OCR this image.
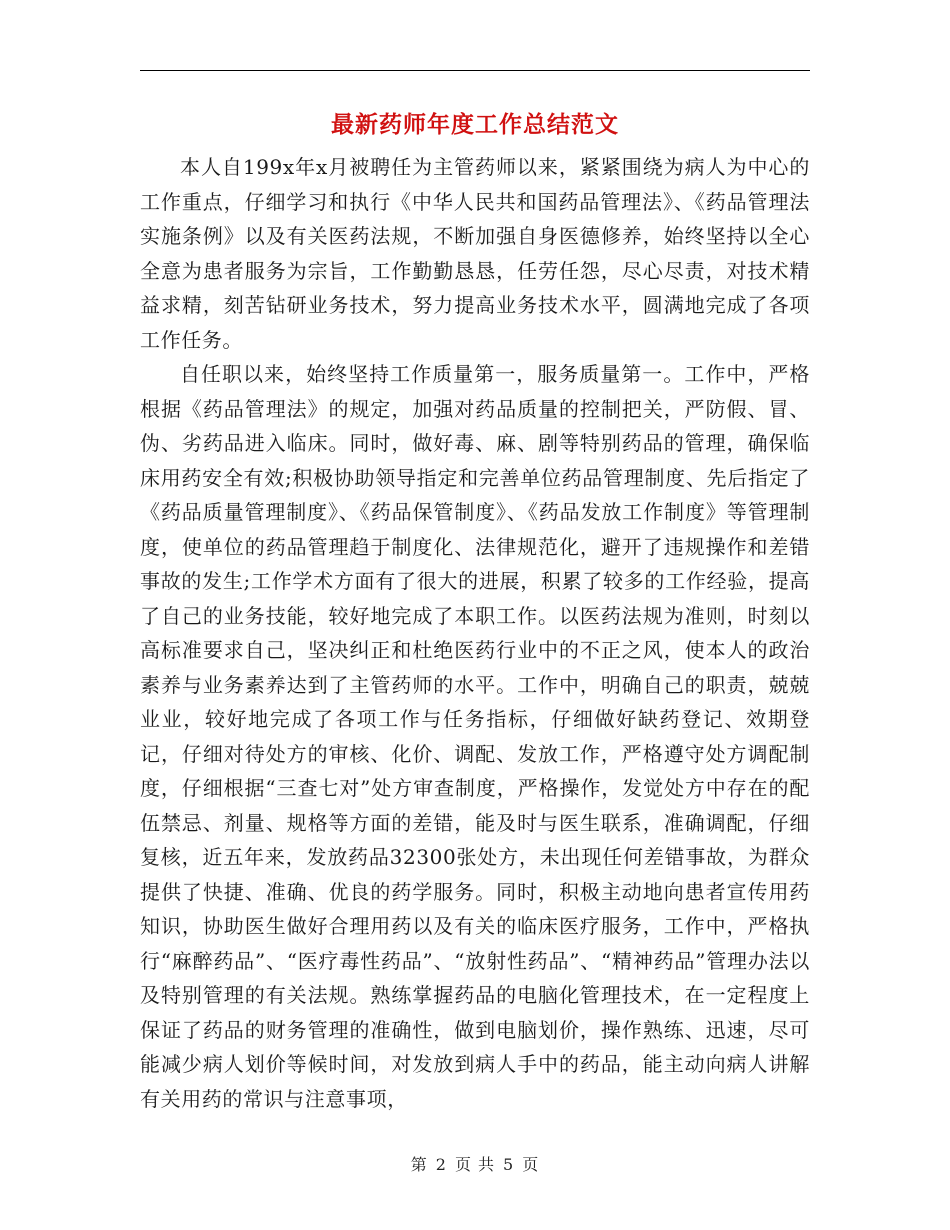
最新药师年度工作总结范文

本人自199x年x月被聘任为主管药师以来，紧紧围绕为病人为中心的工作重点，仔细学习和执行《中华人民共和国药品管理法》、《药品管理法实施条例》以及有关医药法规，不断加强自身医德修养，始终坚持以全心全意为患者服务为宗旨，工作勤勤恳恳，任劳任怨，尽心尽责，对技术精益求精，刻苦钻研业务技术，努力提高业务技术水平，圆满地完成了各项工作任务。

自任职以来，始终坚持工作质量第一，服务质量第一。工作中，严格根据《药品管理法》的规定，加强对药品质量的控制把关，严防假、冒、伪、劣药品进入临床。同时，做好毒、麻、剧等特别药品的管理，确保临床用药安全有效;积极协助领导指定和完善单位药品管理制度、先后指定了《药品质量管理制度》、《药品保管制度》、《药品发放工作制度》等管理制度，使单位的药品管理趋于制度化、法律规范化，避开了违规操作和差错事故的发生;工作学术方面有了很大的进展，积累了较多的工作经验，提高了自己的业务技能，较好地完成了本职工作。以医药法规为准则，时刻以高标准要求自己，坚决纠正和杜绝医药行业中的不正之风，使本人的政治素养与业务素养达到了主管药师的水平。工作中，明确自己的职责，兢兢业业，较好地完成了各项工作与任务指标，仔细做好缺药登记、效期登记，仔细对待处方的审核、化价、调配、发放工作，严格遵守处方调配制度，仔细根据“三查七对”处方审查制度，严格操作，发觉处方中存在的配伍禁忌、剂量、规格等方面的差错，能及时与医生联系，准确调配，仔细复核，近五年来，发放药品32300张处方，未出现任何差错事故，为群众提供了快捷、准确、优良的药学服务。同时，积极主动地向患者宣传用药知识，协助医生做好合理用药以及有关的临床医疗服务，工作中，严格执行“麻醉药品”、“医疗毒性药品”、“放射性药品”、“精神药品”管理办法以及特别管理的有关法规。熟练掌握药品的电脑化管理技术，在一定程度上保证了药品的财务管理的准确性，做到电脑划价，操作熟练、迅速，尽可能减少病人划价等候时间，对发放到病人手中的药品，能主动向病人讲解有关用药的常识与注意事项，

第 2 页 共 5 页
